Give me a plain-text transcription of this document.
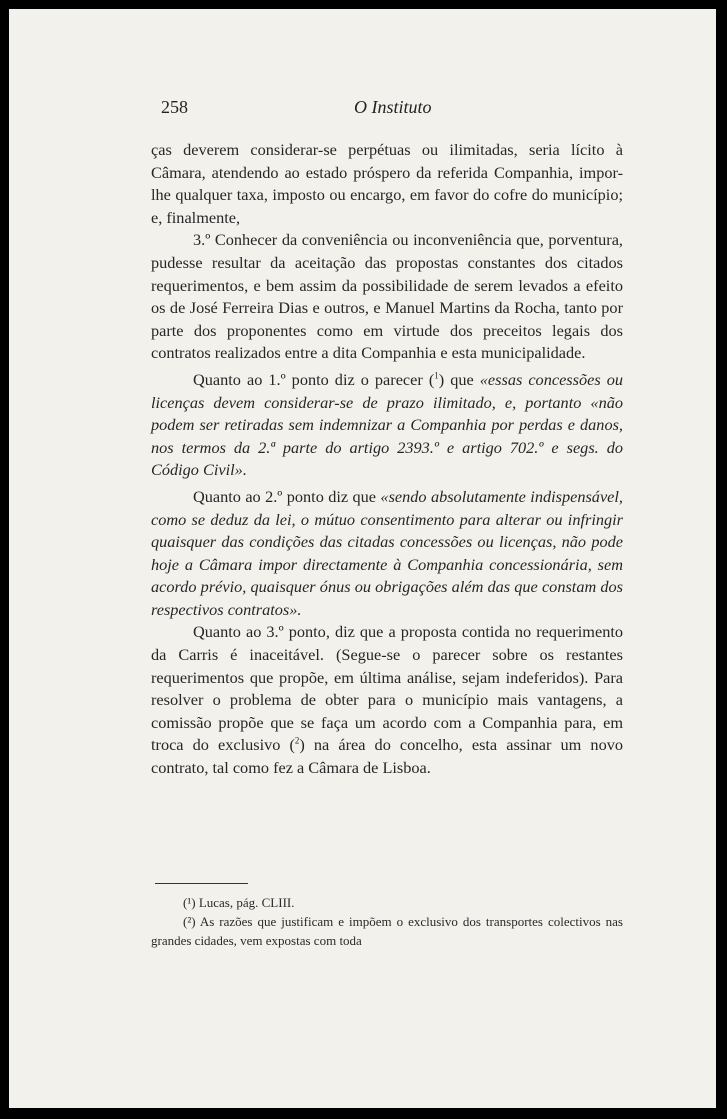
258	O Instituto

ças deverem considerar-se perpétuas ou ilimitadas, seria lícito à Câmara, atendendo ao estado próspero da referida Companhia, impor-lhe qualquer taxa, imposto ou encargo, em favor do cofre do município; e, finalmente,

3.º Conhecer da conveniência ou inconveniência que, porventura, pudesse resultar da aceitação das propostas constantes dos citados requerimentos, e bem assim da possibilidade de serem levados a efeito os de José Ferreira Dias e outros, e Manuel Martins da Rocha, tanto por parte dos proponentes como em virtude dos preceitos legais dos contratos realizados entre a dita Companhia e esta municipalidade.

Quanto ao 1.º ponto diz o parecer ($^1$) que «essas concessões ou licenças devem considerar-se de prazo ilimitado, e, portanto «não podem ser retiradas sem indemnizar a Companhia por perdas e danos, nos termos da 2.ª parte do artigo 2393.º e artigo 702.º e segs. do Código Civil».

Quanto ao 2.º ponto diz que «sendo absolutamente indispensável, como se deduz da lei, o mútuo consentimento para alterar ou infringir quaisquer das condições das citadas concessões ou licenças, não pode hoje a Câmara impor directamente à Companhia concessionária, sem acordo prévio, quaisquer ónus ou obrigações além das que constam dos respectivos contratos».

Quanto ao 3.º ponto, diz que a proposta contida no requerimento da Carris é inaceitável. (Segue-se o parecer sobre os restantes requerimentos que propõe, em última análise, sejam indeferidos). Para resolver o problema de obter para o município mais vantagens, a comissão propõe que se faça um acordo com a Companhia para, em troca do exclusivo ($^2$) na área do concelho, esta assinar um novo contrato, tal como fez a Câmara de Lisboa.

(¹) Lucas, pág. CLIII.

(²) As razões que justificam e impõem o exclusivo dos transportes colectivos nas grandes cidades, vem expostas com toda
